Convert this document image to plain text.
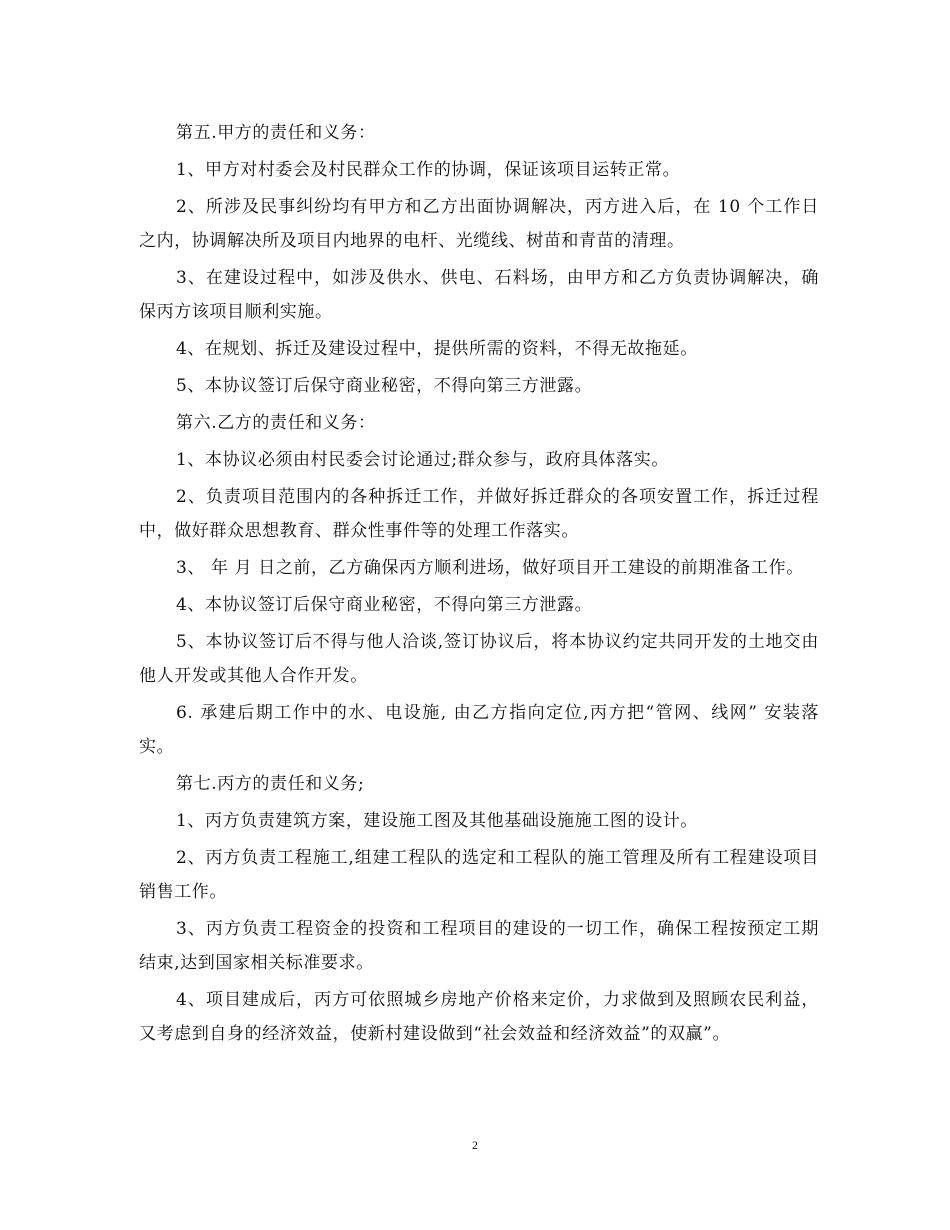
第五.甲方的责任和义务：

1、甲方对村委会及村民群众工作的协调，保证该项目运转正常。

2、所涉及民事纠纷均有甲方和乙方出面协调解决，丙方进入后，在 10 个工作日之内，协调解决所及项目内地界的电杆、光缆线、树苗和青苗的清理。

3、在建设过程中，如涉及供水、供电、石料场，由甲方和乙方负责协调解决，确保丙方该项目顺利实施。

4、在规划、拆迁及建设过程中，提供所需的资料，不得无故拖延。

5、本协议签订后保守商业秘密，不得向第三方泄露。

第六.乙方的责任和义务：

1、本协议必须由村民委会讨论通过;群众参与，政府具体落实。

2、负责项目范围内的各种拆迁工作，并做好拆迁群众的各项安置工作，拆迁过程中，做好群众思想教育、群众性事件等的处理工作落实。

3、 年 月 日之前，乙方确保丙方顺利进场，做好项目开工建设的前期准备工作。

4、本协议签订后保守商业秘密，不得向第三方泄露。

5、本协议签订后不得与他人洽谈,签订协议后，将本协议约定共同开发的土地交由他人开发或其他人合作开发。

6. 承建后期工作中的水、电设施, 由乙方指向定位,丙方把“管网、线网” 安装落实。

第七.丙方的责任和义务;

1、丙方负责建筑方案，建设施工图及其他基础设施施工图的设计。

2、丙方负责工程施工,组建工程队的选定和工程队的施工管理及所有工程建设项目销售工作。

3、丙方负责工程资金的投资和工程项目的建设的一切工作，确保工程按预定工期结束,达到国家相关标准要求。

4、项目建成后，丙方可依照城乡房地产价格来定价，力求做到及照顾农民利益，又考虑到自身的经济效益，使新村建设做到“社会效益和经济效益”的双赢”。

2
